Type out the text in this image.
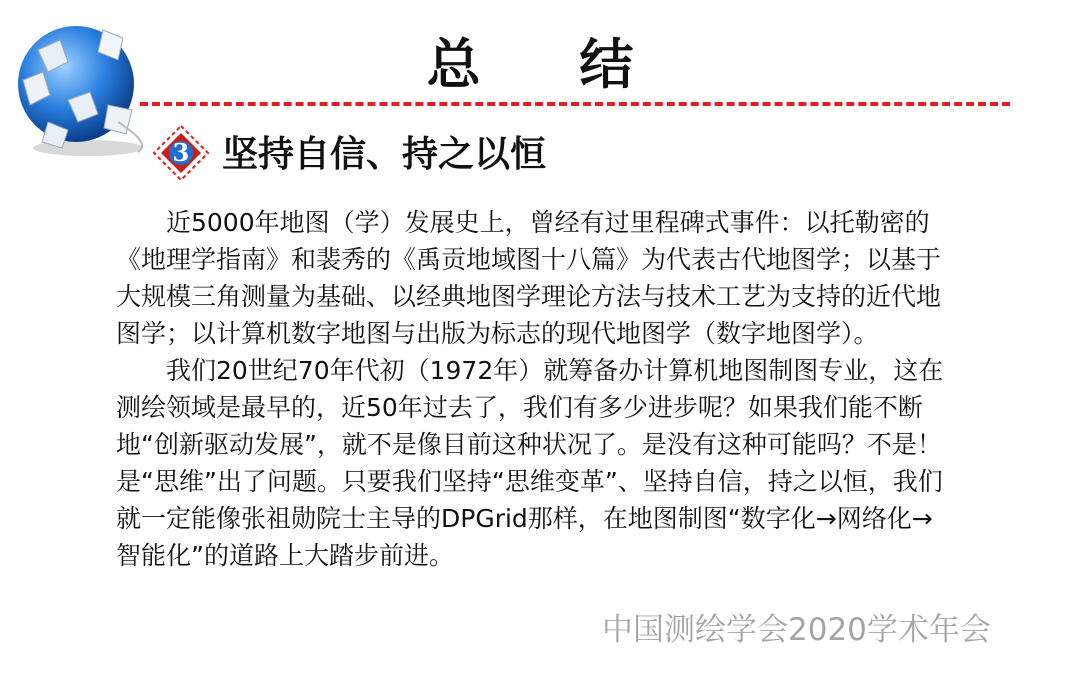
总 结
3 坚持自信、持之以恒

近5000年地图（学）发展史上，曾经有过里程碑式事件：以托勒密的《地理学指南》和裴秀的《禹贡地域图十八篇》为代表古代地图学；以基于大规模三角测量为基础、以经典地图学理论方法与技术工艺为支持的近代地图学；以计算机数字地图与出版为标志的现代地图学（数字地图学）。

我们20世纪70年代初（1972年）就筹备办计算机地图制图专业，这在测绘领域是最早的，近50年过去了，我们有多少进步呢？如果我们能不断地“创新驱动发展”，就不是像目前这种状况了。是没有这种可能吗？不是！是“思维”出了问题。只要我们坚持“思维变革”、坚持自信，持之以恒，我们就一定能像张祖勋院士主导的DPGrid那样，在地图制图“数字化→网络化→智能化”的道路上大踏步前进。

中国测绘学会2020学术年会
